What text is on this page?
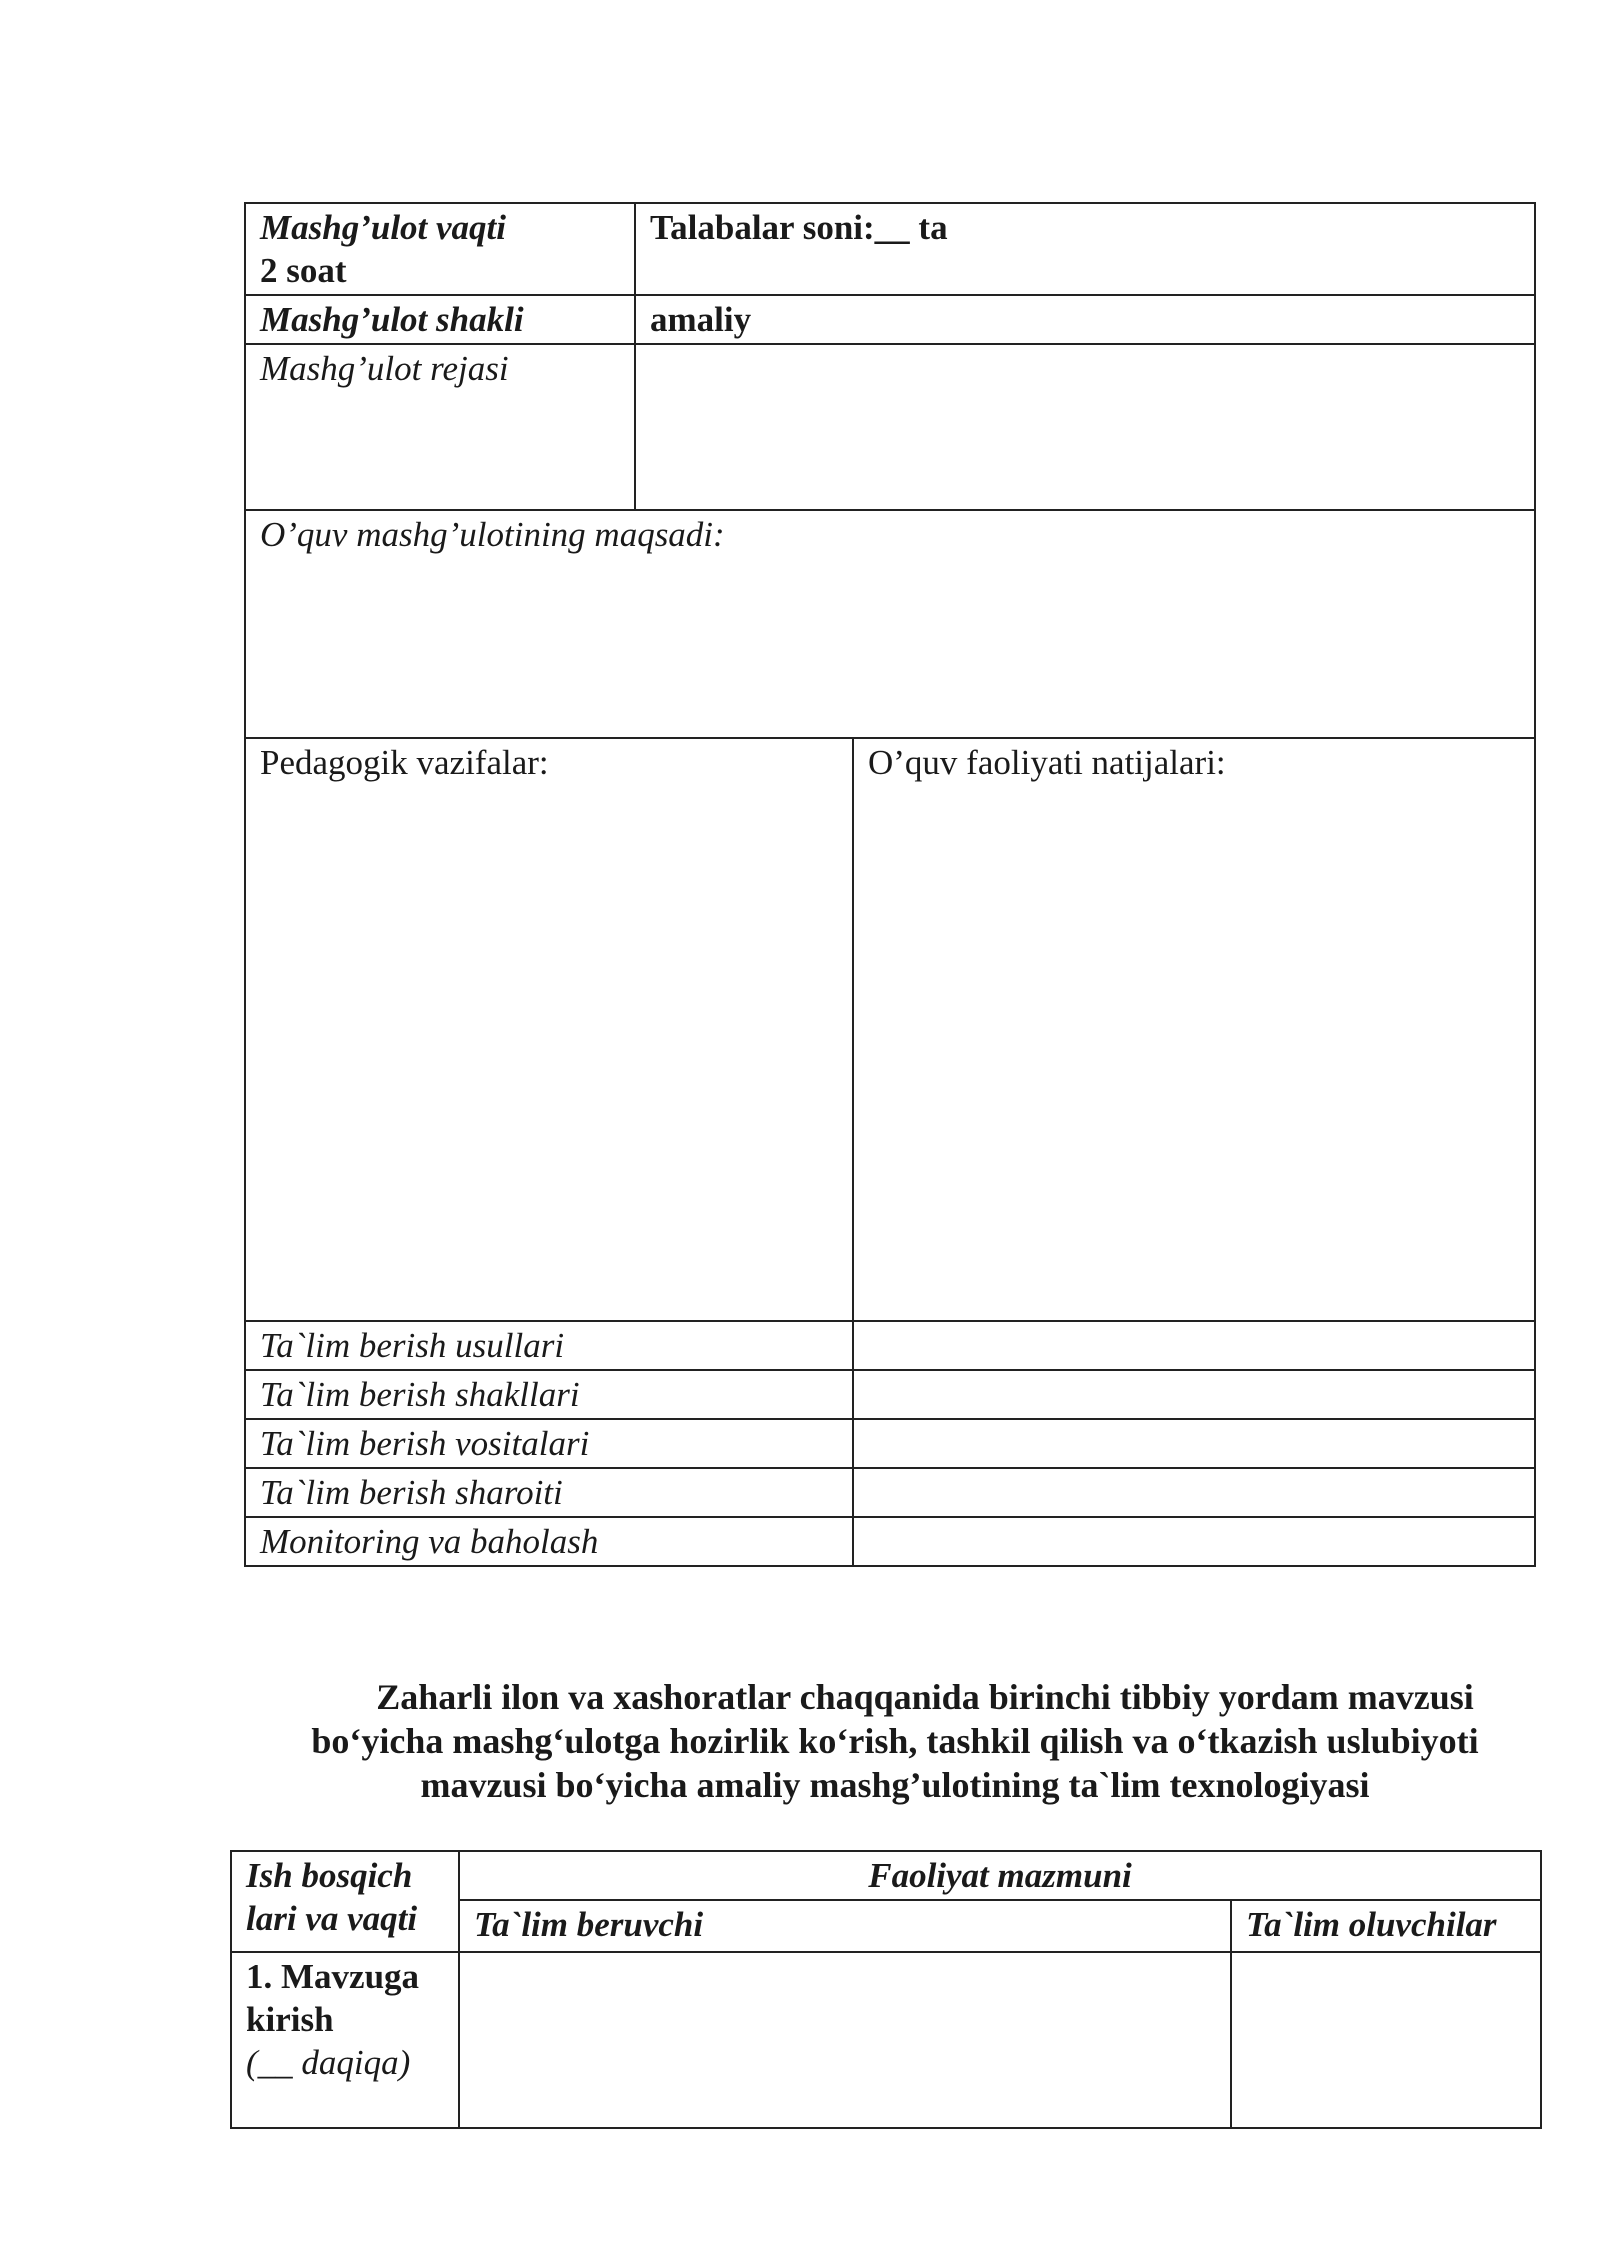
Mashg’ulot vaqti
2 soat	Talabalar soni:__ ta	
Mashg’ulot shakli	amaliy	
Mashg’ulot rejasi		
O’quv mashg’ulotining maqsadi:		
Pedagogik vazifalar:		O’quv faoliyati natijalari:
Ta`lim berish usullari		
Ta`lim berish shakllari		
Ta`lim berish vositalari		
Ta`lim berish sharoiti		
Monitoring va baholash		
Zaharli ilon va xashoratlar chaqqanida birinchi tibbiy yordam mavzusi
bo‘yicha mashg‘ulotga hozirlik ko‘rish, tashkil qilish va o‘tkazish uslubiyoti
mavzusi bo‘yicha amaliy mashg’ulotining ta`lim texnologiyasi
Ish bosqich lari va vaqti	Faoliyat mazmuni	
	Ta`lim beruvchi	Ta`lim oluvchilar

1. Mavzuga kirish
(__ daqiqa)		
